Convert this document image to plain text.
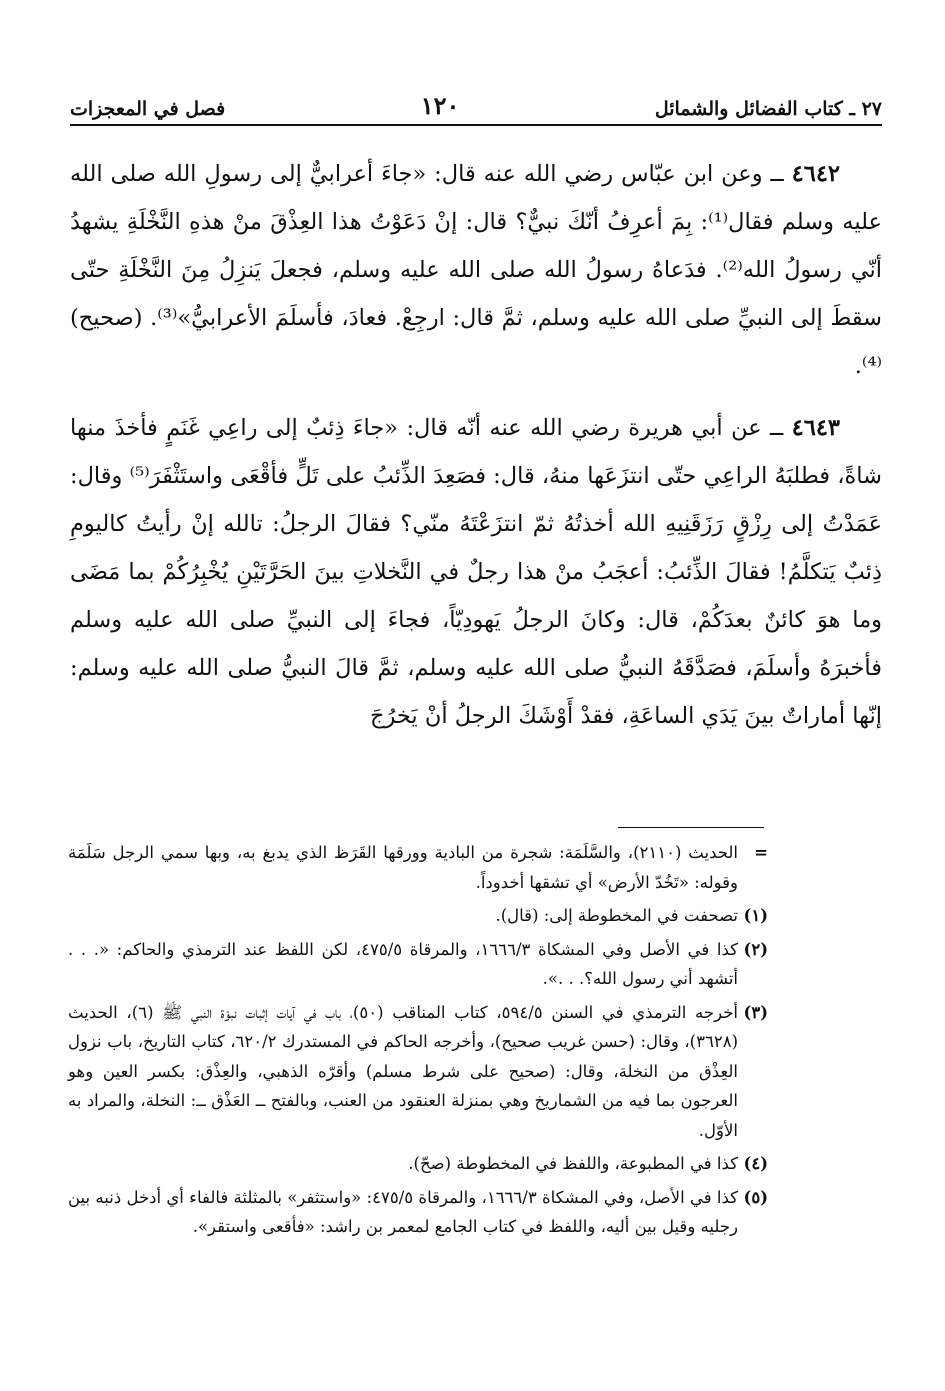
٢٧ ـ كتاب الفضائل والشمائل
١٢٠
فصل في المعجزات

٤٦٤٢ ــ وعن ابن عبّاس رضي الله عنه قال: «جاءَ أعرابيٌّ إلى رسولِ الله صلى الله عليه وسلم فقال⁽¹⁾: بِمَ أعرِفُ أنّكَ نبيٌّ؟ قال: إنْ دَعَوْتُ هذا العِذْقَ منْ هذهِ النَّخْلَةِ يشهدُ أنّي رسولُ الله⁽²⁾. فدَعاهُ رسولُ الله صلى الله عليه وسلم، فجعلَ يَنزِلُ مِنَ النَّخْلَةِ حتّى سقطَ إلى النبيِّ صلى الله عليه وسلم، ثمَّ قال: ارجِعْ. فعادَ، فأسلَمَ الأعرابيُّ»⁽³⁾. (صحيح)⁽⁴⁾.

٤٦٤٣ ــ عن أبي هريرة رضي الله عنه أنّه قال: «جاءَ ذِئبٌ إلى راعِي غَنَمٍ فأخذَ منها شاةً، فطلبَهُ الراعِي حتّى انتزَعَها منهُ، قال: فصَعِدَ الذِّئبُ على تَلٍّ فأقْعَى واستَثْفَرَ⁽⁵⁾ وقال: عَمَدْتُ إلى رِزْقٍ رَزَقَنِيهِ الله أخذتُهُ ثمّ انتزَعْتَهُ منّي؟ فقالَ الرجلُ: تالله إنْ رأيتُ كاليومِ ذِئبٌ يَتكلَّمُ! فقالَ الذِّئبُ: أعجَبُ منْ هذا رجلٌ في النَّخلاتِ بينَ الحَرَّتَيْنِ يُخْبِرُكُمْ بما مَضَى وما هوَ كائنٌ بعدَكُمْ، قال: وكانَ الرجلُ يَهودِيّاً، فجاءَ إلى النبيِّ صلى الله عليه وسلم فأخبرَهُ وأسلَمَ، فصَدَّقَهُ النبيُّ صلى الله عليه وسلم، ثمَّ قالَ النبيُّ صلى الله عليه وسلم: إنّها أماراتٌ بينَ يَدَي الساعَةِ، فقدْ أَوْشَكَ الرجلُ أنْ يَخرُجَ

=
الحديث (٢١١٠)، والسَّلَمَة: شجرة من البادية وورقها القَرَظ الذي يدبغ به، وبها سمي الرجل سَلَمَة وقوله: «تَخُدّ الأرض» أي تشقها أخدوداً.
(١)
تصحفت في المخطوطة إلى: (قال).
(٢)
كذا في الأصل وفي المشكاة ١٦٦٦/٣، والمرقاة ٤٧٥/٥، لكن اللفظ عند الترمذي والحاكم: «. . . أتشهد أني رسول الله؟. . .».
(٣)
أخرجه الترمذي في السنن ٥٩٤/٥، كتاب المناقب (٥٠)، باب في آيات إثبات نبوّة النبي ﷺ (٦)، الحديث (٣٦٢٨)، وقال: (حسن غريب صحيح)، وأخرجه الحاكم في المستدرك ٦٢٠/٢، كتاب التاريخ، باب نزول العِذْق من النخلة، وقال: (صحيح على شرط مسلم) وأقرّه الذهبي، والعِذْق: بكسر العين وهو العرجون بما فيه من الشماريخ وهي بمنزلة العنقود من العنب، وبالفتح ــ العَذْق ــ: النخلة، والمراد به الأوّل.
(٤)
كذا في المطبوعة، واللفظ في المخطوطة (صحّ).
(٥)
كذا في الأصل، وفي المشكاة ١٦٦٦/٣، والمرقاة ٤٧٥/٥: «واستثفر» بالمثلثة فالفاء أي أدخل ذنبه بين رجليه وقيل بين أليه، واللفظ في كتاب الجامع لمعمر بن راشد: «فأقعى واستقر».
